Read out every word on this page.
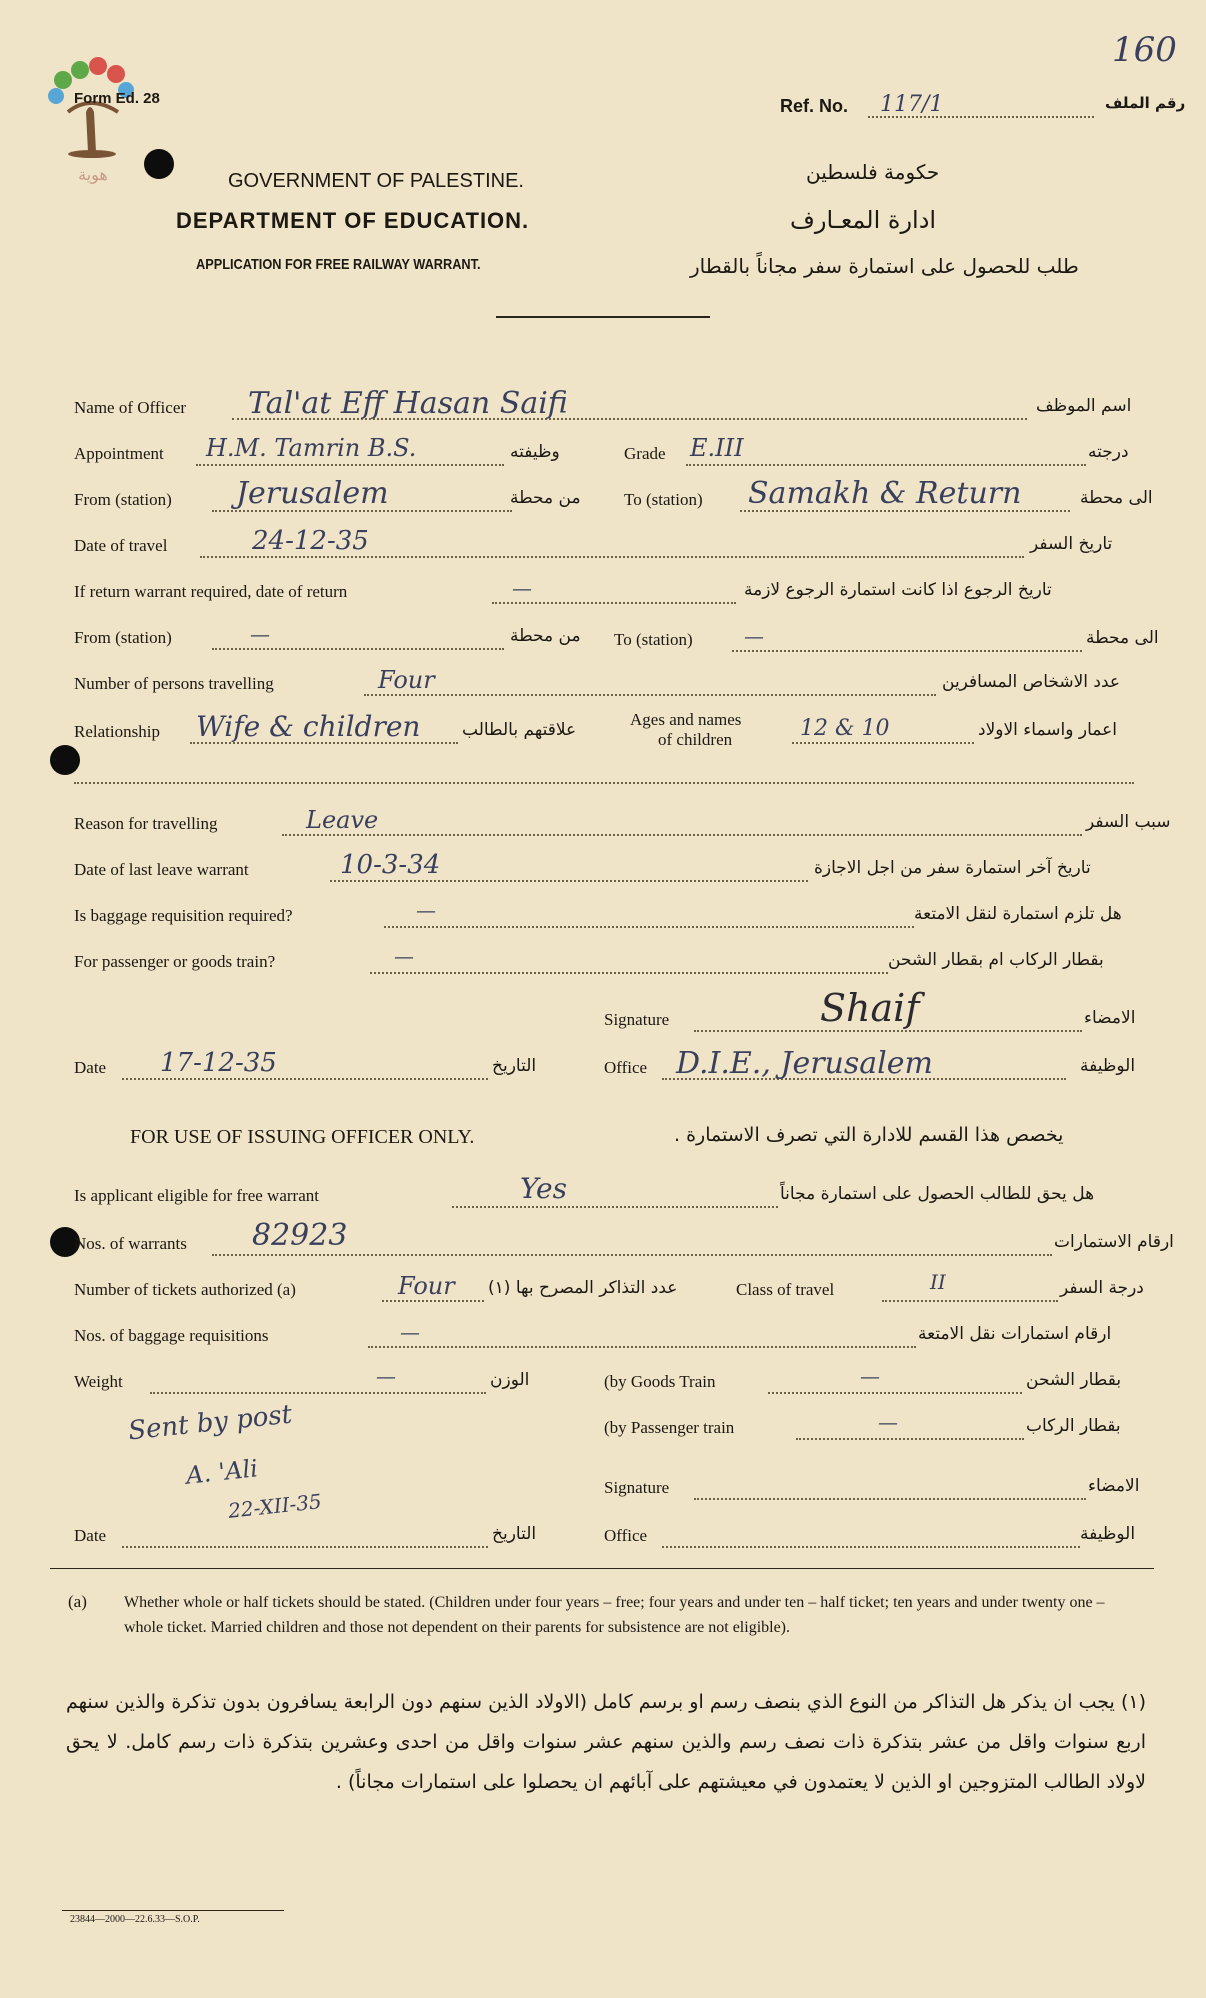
هوية
Form Ed. 28
160
Ref. No. 117/1	رقم الملف
GOVERNMENT OF PALESTINE.
DEPARTMENT OF EDUCATION.
APPLICATION FOR FREE RAILWAY WARRANT.
حكومة فلسطين
ادارة المعـارف
طلب للحصول على استمارة سفر مجاناً بالقطار
Name of Officer Tal'at Eff Hasan Saifi	اسم الموظف
Appointment H.M. Tamrin B.S.	وظيفته	Grade E.III	درجته
From (station) Jerusalem	من محطة	To (station) Samakh & Return	الى محطة
Date of travel	24-12-35	تاريخ السفر
If return warrant required, date of return	—	تاريخ الرجوع اذا كانت استمارة الرجوع لازمة
From (station)	—	من محطة To (station)	—	الى محطة
Number of persons travelling	Four	عدد الاشخاص المسافرين
Relationship Wife & children علاقتهم بالطالب
Ages and names
of children	12 & 10	اعمار واسماء الاولاد
Reason for travelling	Leave	سبب السفر
Date of last leave warrant	10-3-34	تاريخ آخر استمارة سفر من اجل الاجازة
Is baggage requisition required?	—	هل تلزم استمارة لنقل الامتعة
For passenger or goods train?	—	بقطار الركاب ام بقطار الشحن
Signature	Shaif	الامضاء
Date 17-12-35	التاريخ	Office D.I.E., Jerusalem	الوظيفة
FOR USE OF ISSUING OFFICER ONLY.	يخصص هذا القسم للادارة التي تصرف الاستمارة .
Is applicant eligible for free warrant	Yes	هل يحق للطالب الحصول على استمارة مجاناً
Nos. of warrants 82923	ارقام الاستمارات
Number of tickets authorized (a)	Four عدد التذاكر المصرح بها (١)	Class of travel	II	درجة السفر
Nos. of baggage requisitions	—	ارقام استمارات نقل الامتعة
Weight	—	الوزن	(by Goods Train	—	بقطار الشحن
(by Passenger train	—	بقطار الركاب
Sent by post
A. 'Ali
22-XII-35
Signature	الامضاء
Date	التاريخ	Office	الوظيفة
(a) Whether whole or half tickets should be stated. (Children under four years – free; four years and under ten – half ticket; ten years and under twenty one – whole ticket. Married children and those not dependent on their parents for subsistence are not eligible).
(١) يجب ان يذكر هل التذاكر من النوع الذي بنصف رسم او برسم كامل (الاولاد الذين سنهم دون الرابعة يسافرون بدون تذكرة والذين سنهم اربع سنوات واقل من عشر بتذكرة ذات نصف رسم والذين سنهم عشر سنوات واقل من احدى وعشرين بتذكرة ذات رسم كامل. لا يحق لاولاد الطالب المتزوجين او الذين لا يعتمدون في معيشتهم على آبائهم ان يحصلوا على استمارات مجاناً) .
23844—2000—22.6.33—S.O.P.
